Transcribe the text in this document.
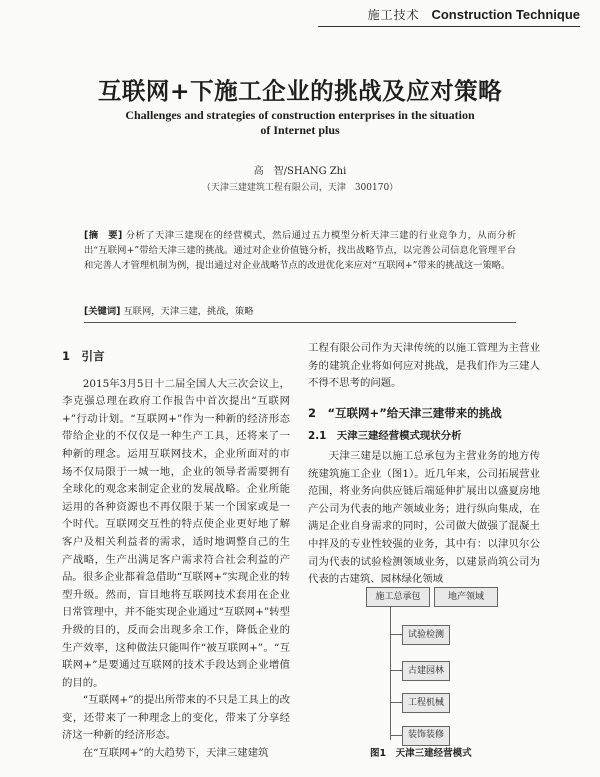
施工技术 Construction Technique
互联网+下施工企业的挑战及应对策略
Challenges and strategies of construction enterprises in the situation
of Internet plus
高　智/SHANG Zhi
（天津三建建筑工程有限公司，天津　300170）
[摘　要] 分析了天津三建现在的经营模式，然后通过五力模型分析天津三建的行业竞争力，从而分析出“互联网+”带给天津三建的挑战。通过对企业价值链分析，找出战略节点，以完善公司信息化管理平台和完善人才管理机制为例，提出通过对企业战略节点的改进优化来应对“互联网+”带来的挑战这一策略。
[关键词] 互联网，天津三建，挑战，策略
1　引言

2015年3月5日十二届全国人大三次会议上，李克强总理在政府工作报告中首次提出“互联网+”行动计划。“互联网+”作为一种新的经济形态带给企业的不仅仅是一种生产工具，还将来了一种新的理念。运用互联网技术，企业所面对的市场不仅局限于一城一地，企业的领导者需要拥有全球化的观念来制定企业的发展战略。企业所能运用的各种资源也不再仅限于某一个国家或是一个时代。互联网交互性的特点使企业更好地了解客户及相关利益者的需求，适时地调整自己的生产战略，生产出满足客户需求符合社会利益的产品。很多企业都着急借助“互联网+”实现企业的转型升级。然而，盲目地将互联网技术套用在企业日常管理中，并不能实现企业通过“互联网+”转型升级的目的，反而会出现多余工作，降低企业的生产效率，这种做法只能叫作“被互联网+”。“互联网+”是要通过互联网的技术手段达到企业增值的目的。

“互联网+”的提出所带来的不只是工具上的改变，还带来了一种理念上的变化，带来了分享经济这一种新的经济形态。

在“互联网+”的大趋势下，天津三建建筑

工程有限公司作为天津传统的以施工管理为主营业务的建筑企业将如何应对挑战，是我们作为三建人不得不思考的问题。

2　“互联网+”给天津三建带来的挑战
2.1　天津三建经营模式现状分析

天津三建是以施工总承包为主营业务的地方传统建筑施工企业（图1）。近几年来，公司拓展营业范围，将业务向供应链后端延伸扩展出以盛夏房地产公司为代表的地产领域业务；进行纵向集成，在满足企业自身需求的同时，公司做大做强了混凝土中拌及的专业性较强的业务，其中有：以津贝尔公司为代表的试验检测领域业务，以建景尚筑公司为代表的古建筑、园林绿化领域

施工总承包	地产领域
试验检测
古建园林
工程机械
装饰装修
图1　天津三建经营模式
